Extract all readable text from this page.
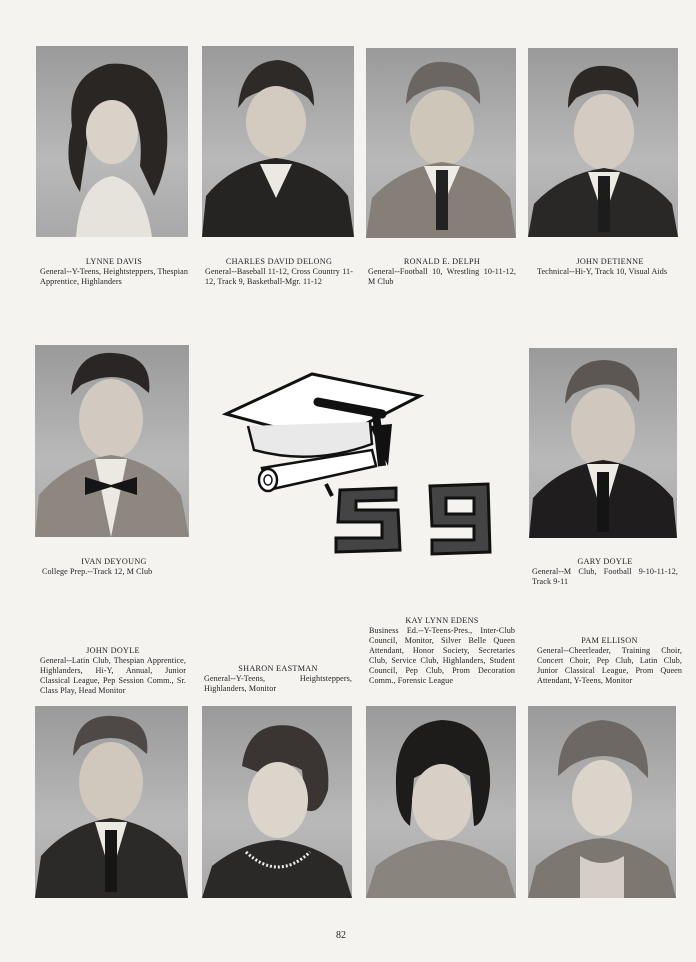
LYNNE DAVIS
General--Y-Teens, Heightsteppers, Thespian Apprentice, Highlanders
CHARLES DAVID DELONG
General--Baseball 11-12, Cross Country 11-12, Track 9, Basketball-Mgr. 11-12
RONALD E. DELPH
General--Football 10, Wrestling 10-11-12, M Club
JOHN DETIENNE
Technical--Hi-Y, Track 10, Visual Aids
IVAN DEYOUNG
College Prep.--Track 12, M Club
GARY DOYLE
General--M Club, Football 9-10-11-12, Track 9-11
JOHN DOYLE
General--Latin Club, Thespian Apprentice, Highlanders, Hi-Y, Annual, Junior Classical League, Pep Session Comm., Sr. Class Play, Head Monitor
SHARON EASTMAN
General--Y-Teens, Heightsteppers, Highlanders, Monitor
KAY LYNN EDENS
Business Ed.--Y-Teens-Pres., Inter-Club Council, Monitor, Silver Belle Queen Attendant, Honor Society, Secretaries Club, Service Club, Highlanders, Student Council, Pep Club, Prom Decoration Comm., Forensic League
PAM ELLISON
General--Cheerleader, Training Choir, Concert Choir, Pep Club, Latin Club, Junior Classical League, Prom Queen Attendant, Y-Teens, Monitor
82
